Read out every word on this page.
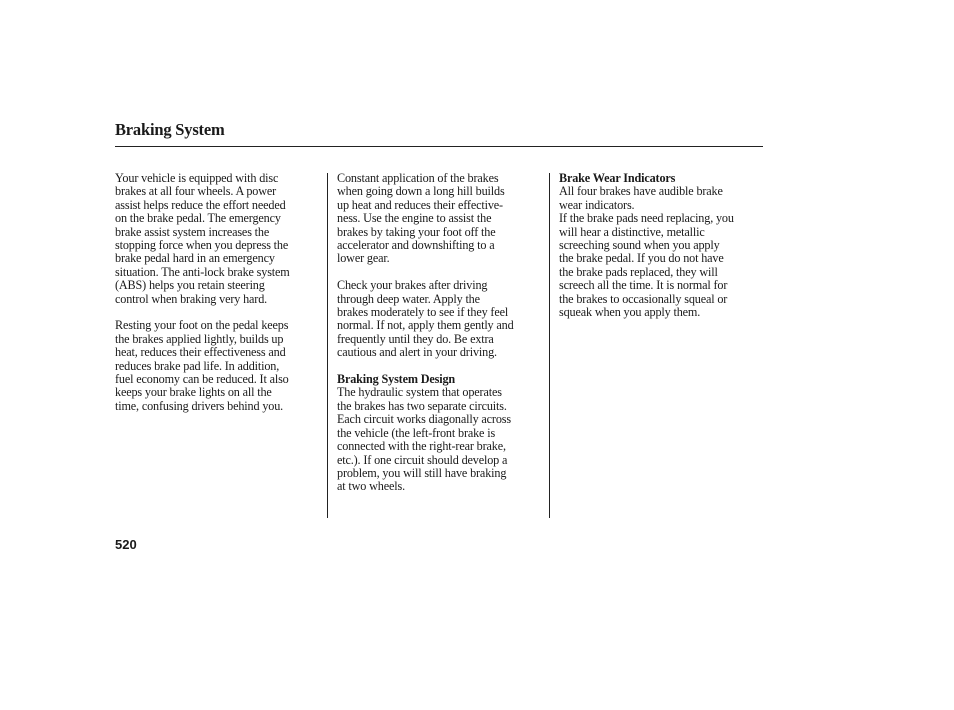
Braking System
Your vehicle is equipped with disc
brakes at all four wheels. A power
assist helps reduce the effort needed
on the brake pedal. The emergency
brake assist system increases the
stopping force when you depress the
brake pedal hard in an emergency
situation. The anti-lock brake system
(ABS) helps you retain steering
control when braking very hard.
Resting your foot on the pedal keeps
the brakes applied lightly, builds up
heat, reduces their effectiveness and
reduces brake pad life. In addition,
fuel economy can be reduced. It also
keeps your brake lights on all the
time, confusing drivers behind you.
Constant application of the brakes
when going down a long hill builds
up heat and reduces their effective-
ness. Use the engine to assist the
brakes by taking your foot off the
accelerator and downshifting to a
lower gear.
Check your brakes after driving
through deep water. Apply the
brakes moderately to see if they feel
normal. If not, apply them gently and
frequently until they do. Be extra
cautious and alert in your driving.

Braking System Design

The hydraulic system that operates
the brakes has two separate circuits.
Each circuit works diagonally across
the vehicle (the left-front brake is
connected with the right-rear brake,
etc.). If one circuit should develop a
problem, you will still have braking
at two wheels.

Brake Wear Indicators

All four brakes have audible brake
wear indicators.
If the brake pads need replacing, you
will hear a distinctive, metallic
screeching sound when you apply
the brake pedal. If you do not have
the brake pads replaced, they will
screech all the time. It is normal for
the brakes to occasionally squeal or
squeak when you apply them.
520
